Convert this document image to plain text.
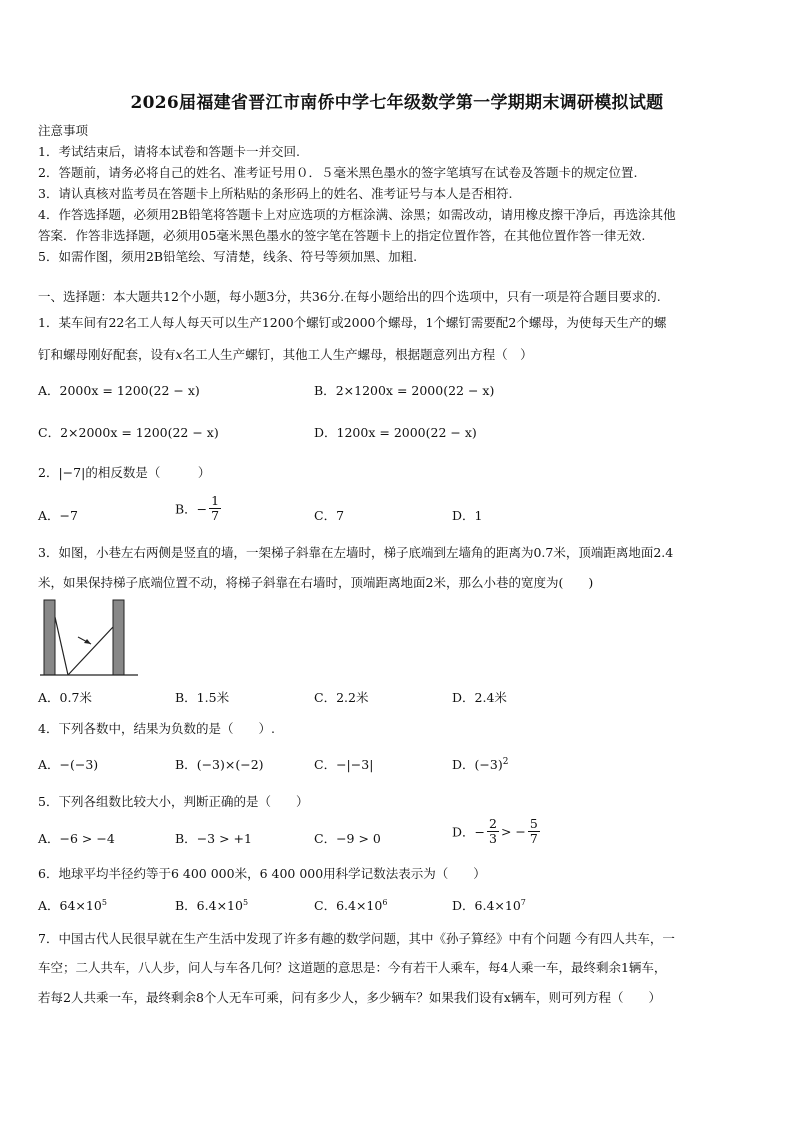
2026届福建省晋江市南侨中学七年级数学第一学期期末调研模拟试题
注意事项
1．考试结束后，请将本试卷和答题卡一并交回.
2．答题前，请务必将自己的姓名、准考证号用０．５毫米黑色墨水的签字笔填写在试卷及答题卡的规定位置.
3．请认真核对监考员在答题卡上所粘贴的条形码上的姓名、准考证号与本人是否相符.
4．作答选择题，必须用2B铅笔将答题卡上对应选项的方框涂满、涂黑；如需改动，请用橡皮擦干净后，再选涂其他
答案．作答非选择题，必须用05毫米黑色墨水的签字笔在答题卡上的指定位置作答，在其他位置作答一律无效.
5．如需作图，须用2B铅笔绘、写清楚，线条、符号等须加黑、加粗.
一、选择题：本大题共12个小题，每小题3分，共36分.在每小题给出的四个选项中，只有一项是符合题目要求的.
1．某车间有22名工人每人每天可以生产1200个螺钉或2000个螺母，1个螺钉需要配2个螺母，为使每天生产的螺
钉和螺母刚好配套，设有x名工人生产螺钉，其他工人生产螺母，根据题意列出方程（　）
A．2000x = 1200(22 − x)	B．2×1200x = 2000(22 − x)
C．2×2000x = 1200(22 − x)	D．1200x = 2000(22 − x)
2．|−7|的相反数是（　　　）
A．−7	B．− $\frac{1}{7}$	C．7	D．1
3．如图，小巷左右两侧是竖直的墙，一架梯子斜靠在左墙时，梯子底端到左墙角的距离为0.7米，顶端距离地面2.4
米，如果保持梯子底端位置不动，将梯子斜靠在右墙时，顶端距离地面2米，那么小巷的宽度为(　　)
A．0.7米	B．1.5米	C．2.2米	D．2.4米
4．下列各数中，结果为负数的是（　　）.
A．−(−3)	B．(−3)×(−2)	C．−|−3|	D．$(-3)^2$
5．下列各组数比较大小，判断正确的是（　　）
A．−6 > −4	B．−3 > +1	C．−9 > 0	D．− $\frac{2}{3}$ > − $\frac{5}{7}$
6．地球平均半径约等于6 400 000米，6 400 000用科学记数法表示为（　　）
A．$64\times 10^5$	B．$6.4\times 10^5$	C．$6.4\times 10^6$	D．$6.4\times 10^7$
7．中国古代人民很早就在生产生活中发现了许多有趣的数学问题，其中《孙子算经》中有个问题 今有四人共车，一
车空；二人共车，八人步，问人与车各几何？这道题的意思是：今有若干人乘车，每4人乘一车，最终剩余1辆车，
若每2人共乘一车，最终剩余8个人无车可乘，问有多少人，多少辆车？如果我们设有x辆车，则可列方程（　　）
